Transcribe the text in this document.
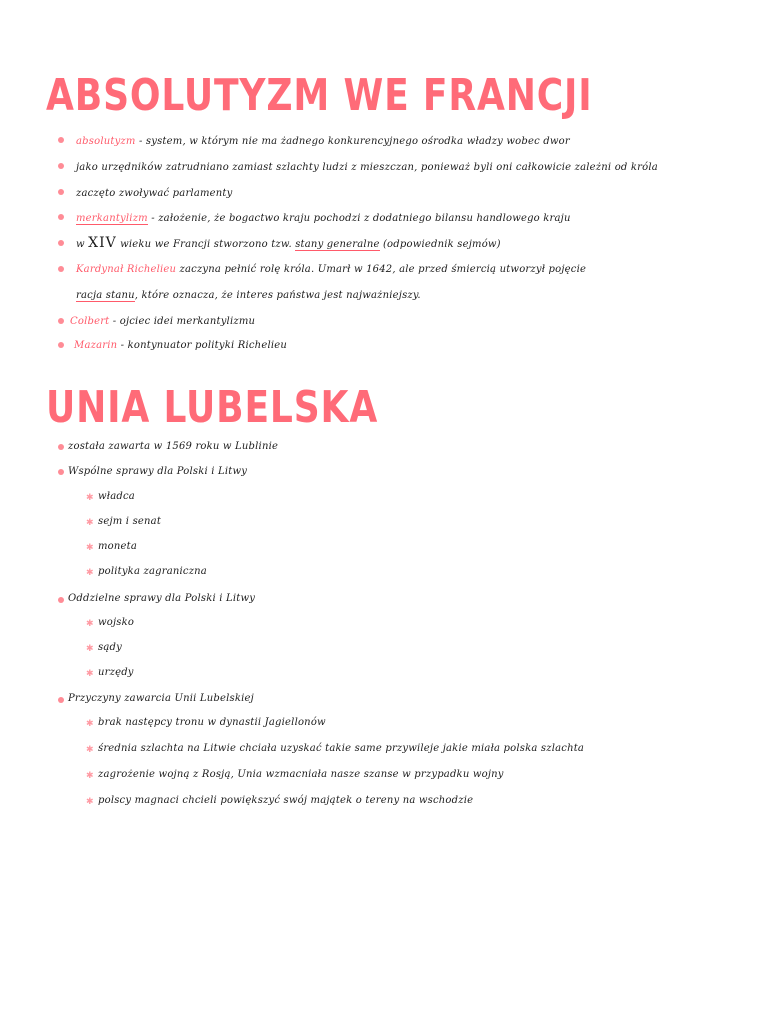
ABSOLUTYZM WE FRANCJI
absolutyzm - system, w którym nie ma żadnego konkurencyjnego ośrodka władzy wobec dwor
jako urzędników zatrudniano zamiast szlachty ludzi z mieszczan, ponieważ byli oni całkowicie zależni od króla
zaczęto zwoływać parlamenty
merkantylizm - założenie, że bogactwo kraju pochodzi z dodatniego bilansu handlowego kraju
w XIV wieku we Francji stworzono tzw. stany generalne (odpowiednik sejmów)
Kardynał Richelieu zaczyna pełnić rolę króla. Umarł w 1642, ale przed śmiercią utworzył pojęcie
racja stanu, które oznacza, że interes państwa jest najważniejszy.
Colbert - ojciec idei merkantylizmu
Mazarin - kontynuator polityki Richelieu
UNIA LUBELSKA
została zawarta w 1569 roku w Lublinie
Wspólne sprawy dla Polski i Litwy
✱ władca
✱ sejm i senat
✱ moneta
✱ polityka zagraniczna
Oddzielne sprawy dla Polski i Litwy
✱ wojsko
✱ sądy
✱ urzędy
Przyczyny zawarcia Unii Lubelskiej
✱ brak następcy tronu w dynastii Jagiellonów
✱ średnia szlachta na Litwie chciała uzyskać takie same przywileje jakie miała polska szlachta
✱ zagrożenie wojną z Rosją, Unia wzmacniała nasze szanse w przypadku wojny
✱ polscy magnaci chcieli powiększyć swój majątek o tereny na wschodzie
